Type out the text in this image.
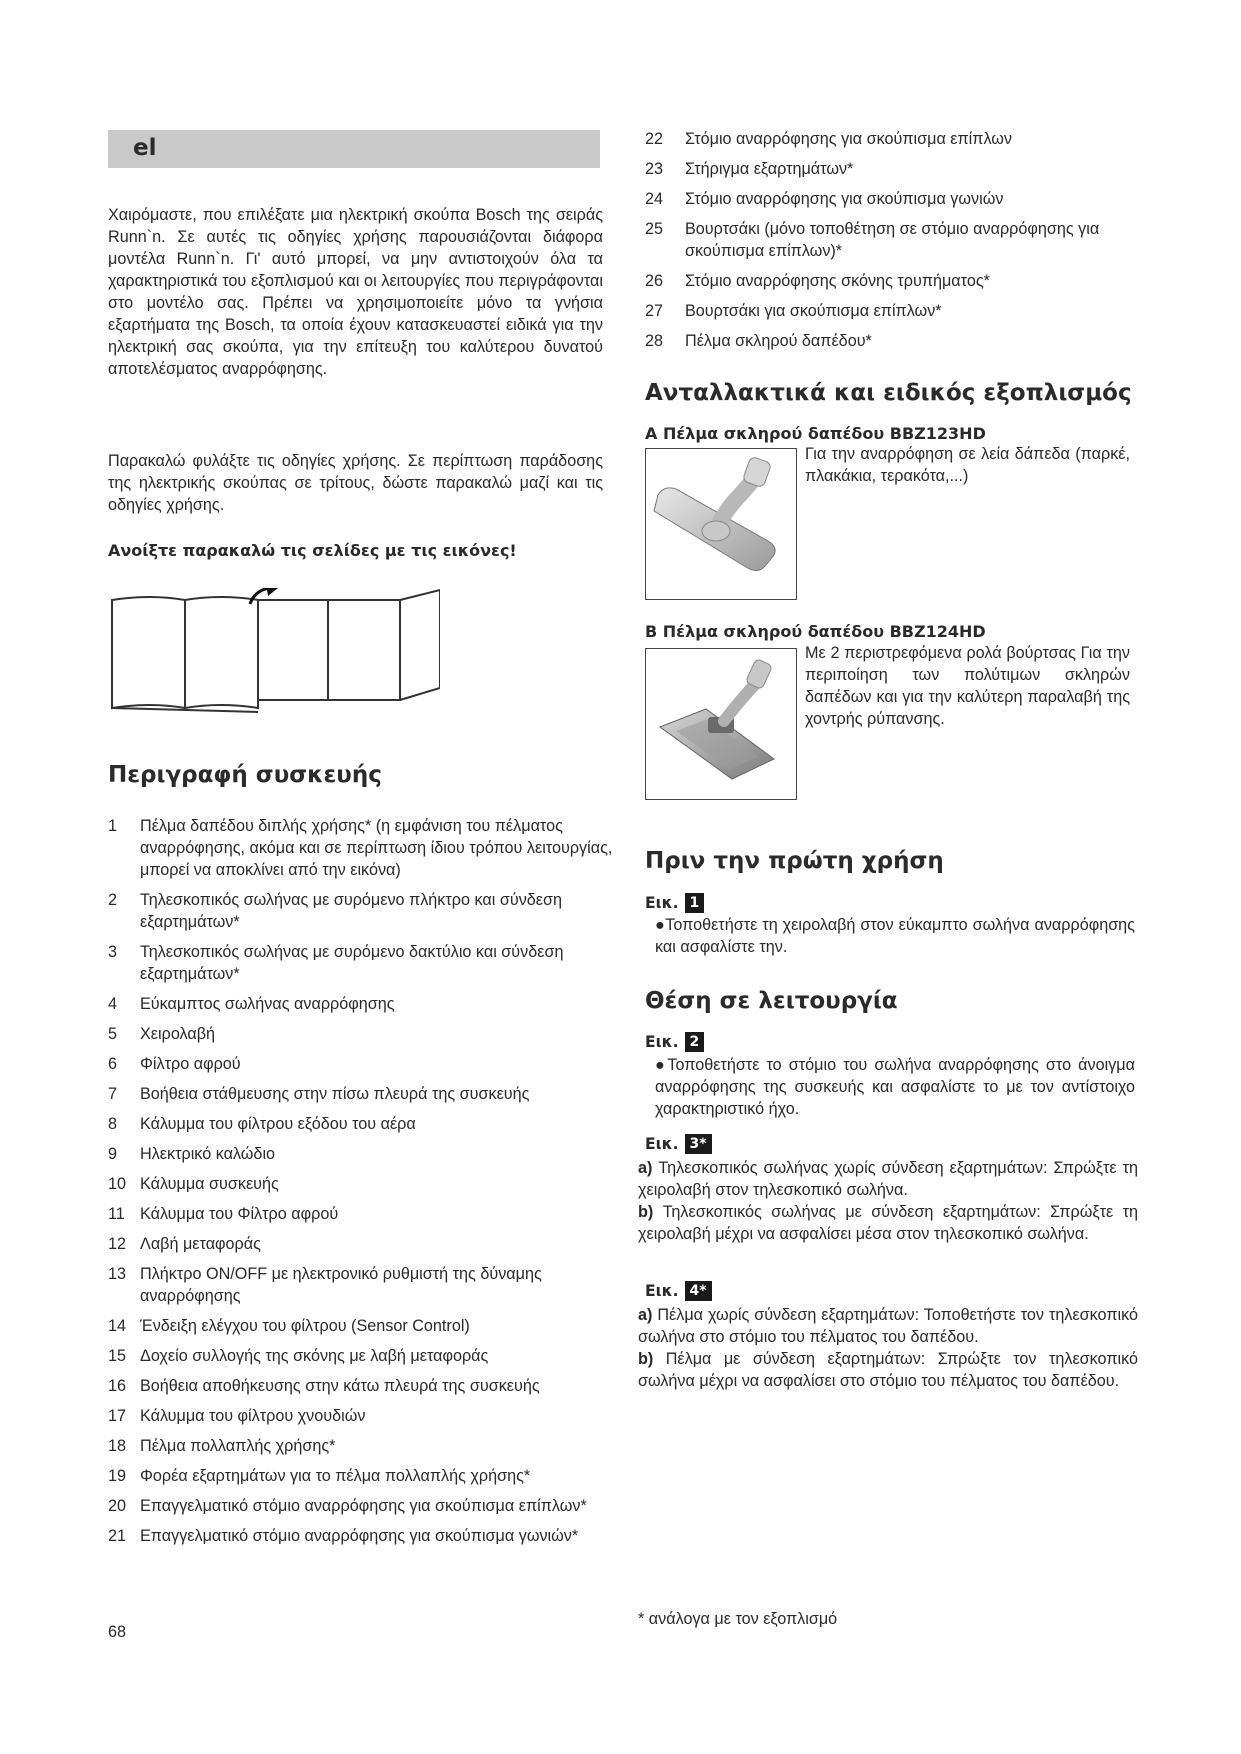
el

Χαιρόμαστε, που επιλέξατε μια ηλεκτρική σκούπα Bosch της σειράς Runn`n. Σε αυτές τις οδηγίες χρήσης παρουσιάζονται διάφορα μοντέλα Runn`n. Γι' αυτό μπορεί, να μην αντιστοιχούν όλα τα χαρακτηριστικά του εξοπλισμού και οι λειτουργίες που περιγράφονται στο μοντέλο σας. Πρέπει να χρησιμοποιείτε μόνο τα γνήσια εξαρτήματα της Bosch, τα οποία έχουν κατασκευαστεί ειδικά για την ηλεκτρική σας σκούπα, για την επίτευξη του καλύτερου δυνατού αποτελέσματος αναρρόφησης.

Παρακαλώ φυλάξτε τις οδηγίες χρήσης. Σε περίπτωση παράδοσης της ηλεκτρικής σκούπας σε τρίτους, δώστε παρακαλώ μαζί και τις οδηγίες χρήσης.

Ανοίξτε παρακαλώ τις σελίδες με τις εικόνες!

Περιγραφή συσκευής
1	Πέλμα δαπέδου διπλής χρήσης* (η εμφάνιση του πέλματος αναρρόφησης, ακόμα και σε περίπτωση ίδιου τρόπου λειτουργίας, μπορεί να αποκλίνει από την εικόνα)
2	Τηλεσκοπικός σωλήνας με συρόμενο πλήκτρο και σύνδεση εξαρτημάτων*
3	Τηλεσκοπικός σωλήνας με συρόμενο δακτύλιο και σύνδεση εξαρτημάτων*
4	Εύκαμπτος σωλήνας αναρρόφησης
5	Χειρολαβή
6	Φίλτρο αφρού
7	Βοήθεια στάθμευσης στην πίσω πλευρά της συσκευής
8	Κάλυμμα του φίλτρου εξόδου του αέρα
9	Ηλεκτρικό καλώδιο
10 Κάλυμμα συσκευής
11 Κάλυμμα του Φίλτρο αφρού
12 Λαβή μεταφοράς
13 Πλήκτρο ON/OFF με ηλεκτρονικό ρυθμιστή της δύναμης αναρρόφησης
14 Ένδειξη ελέγχου του φίλτρου (Sensor Control)
15 Δοχείο συλλογής της σκόνης με λαβή μεταφοράς
16 Βοήθεια αποθήκευσης στην κάτω πλευρά της συσκευής
17 Κάλυμμα του φίλτρου χνουδιών
18 Πέλμα πολλαπλής χρήσης*
19 Φορέα εξαρτημάτων για το πέλμα πολλαπλής χρήσης*
20 Επαγγελματικό στόμιο αναρρόφησης για σκούπισμα επίπλων*
21 Επαγγελματικό στόμιο αναρρόφησης για σκούπισμα γωνιών*
22	Στόμιο αναρρόφησης για σκούπισμα επίπλων
23	Στήριγμα εξαρτημάτων*
24	Στόμιο αναρρόφησης για σκούπισμα γωνιών
25	Βουρτσάκι (μόνο τοποθέτηση σε στόμιο αναρρόφησης για σκούπισμα επίπλων)*
26	Στόμιο αναρρόφησης σκόνης τρυπήματος*
27	Βουρτσάκι για σκούπισμα επίπλων*
28	Πέλμα σκληρού δαπέδου*
Ανταλλακτικά και ειδικός εξοπλισμός
A Πέλμα σκληρού δαπέδου BBZ123HD

Για την αναρρόφηση σε λεία δάπεδα (παρκέ, πλακάκια, τερακότα,...)

B Πέλμα σκληρού δαπέδου BBZ124HD

Με 2 περιστρεφόμενα ρολά βούρτσας Για την περιποίηση των πολύτιμων σκληρών δαπέδων και για την καλύτερη παραλαβή της χοντρής ρύπανσης.

Πριν την πρώτη χρήση
Εικ. 1

●Τοποθετήστε τη χειρολαβή στον εύκαμπτο σωλήνα αναρρόφησης και ασφαλίστε την.

Θέση σε λειτουργία
Εικ. 2

●Τοποθετήστε το στόμιο του σωλήνα αναρρόφησης στο άνοιγμα αναρρόφησης της συσκευής και ασφαλίστε το με τον αντίστοιχο χαρακτηριστικό ήχο.

Εικ. 3*

a) Τηλεσκοπικός σωλήνας χωρίς σύνδεση εξαρτημάτων: Σπρώξτε τη χειρολαβή στον τηλεσκοπικό σωλήνα.

b) Τηλεσκοπικός σωλήνας με σύνδεση εξαρτημάτων: Σπρώξτε τη χειρολαβή μέχρι να ασφαλίσει μέσα στον τηλεσκοπικό σωλήνα.

Εικ. 4*

a) Πέλμα χωρίς σύνδεση εξαρτημάτων: Τοποθετήστε τον τηλεσκοπικό σωλήνα στο στόμιο του πέλματος του δαπέδου.

b) Πέλμα με σύνδεση εξαρτημάτων: Σπρώξτε τον τηλεσκοπικό σωλήνα μέχρι να ασφαλίσει στο στόμιο του πέλματος του δαπέδου.

* ανάλογα με τον εξοπλισμό
68
